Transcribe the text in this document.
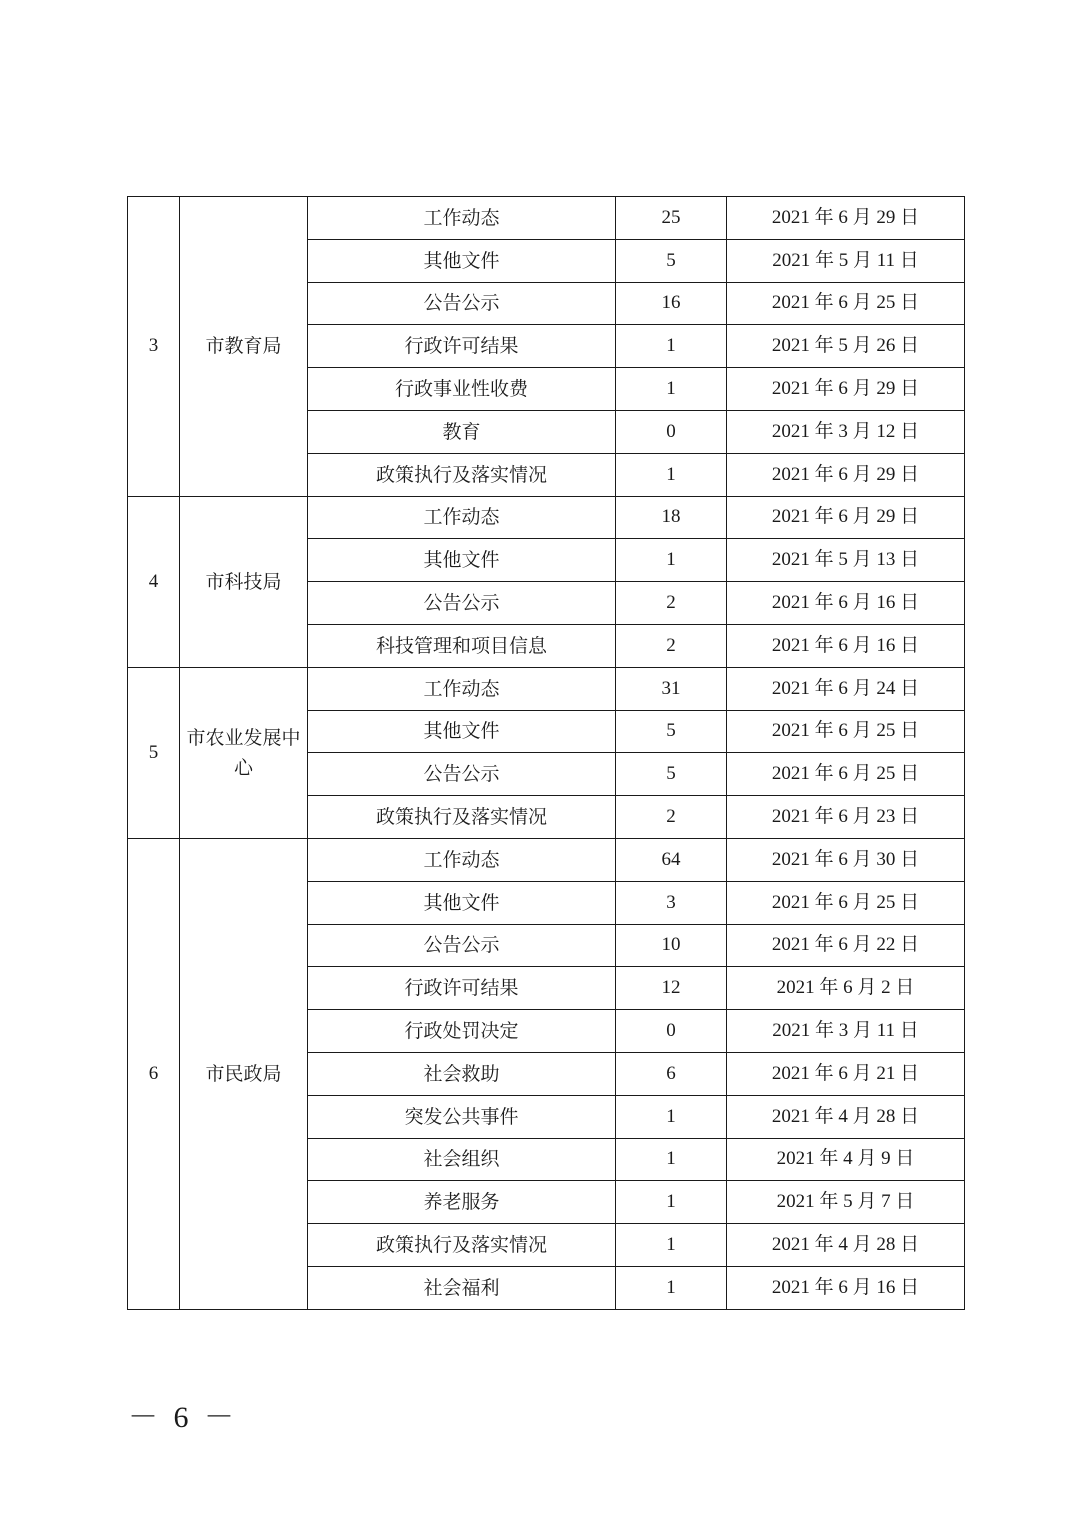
3	市教育局	工作动态	25	2021 年 6 月 29 日
		其他文件	5	2021 年 5 月 11 日
		公告公示	16	2021 年 6 月 25 日
		行政许可结果	1	2021 年 5 月 26 日
		行政事业性收费	1	2021 年 6 月 29 日
		教育	0	2021 年 3 月 12 日
		政策执行及落实情况	1	2021 年 6 月 29 日
4	市科技局	工作动态	18	2021 年 6 月 29 日
		其他文件	1	2021 年 5 月 13 日
		公告公示	2	2021 年 6 月 16 日
		科技管理和项目信息	2	2021 年 6 月 16 日
5	市农业发展中心	工作动态	31	2021 年 6 月 24 日
		其他文件	5	2021 年 6 月 25 日
		公告公示	5	2021 年 6 月 25 日
		政策执行及落实情况	2	2021 年 6 月 23 日
6	市民政局	工作动态	64	2021 年 6 月 30 日
		其他文件	3	2021 年 6 月 25 日
		公告公示	10	2021 年 6 月 22 日
		行政许可结果	12	2021 年 6 月 2 日
		行政处罚决定	0	2021 年 3 月 11 日
		社会救助	6	2021 年 6 月 21 日
		突发公共事件	1	2021 年 4 月 28 日
		社会组织	1	2021 年 4 月 9 日
		养老服务	1	2021 年 5 月 7 日
		政策执行及落实情况	1	2021 年 4 月 28 日
		社会福利	1	2021 年 6 月 16 日
－ 6 －
